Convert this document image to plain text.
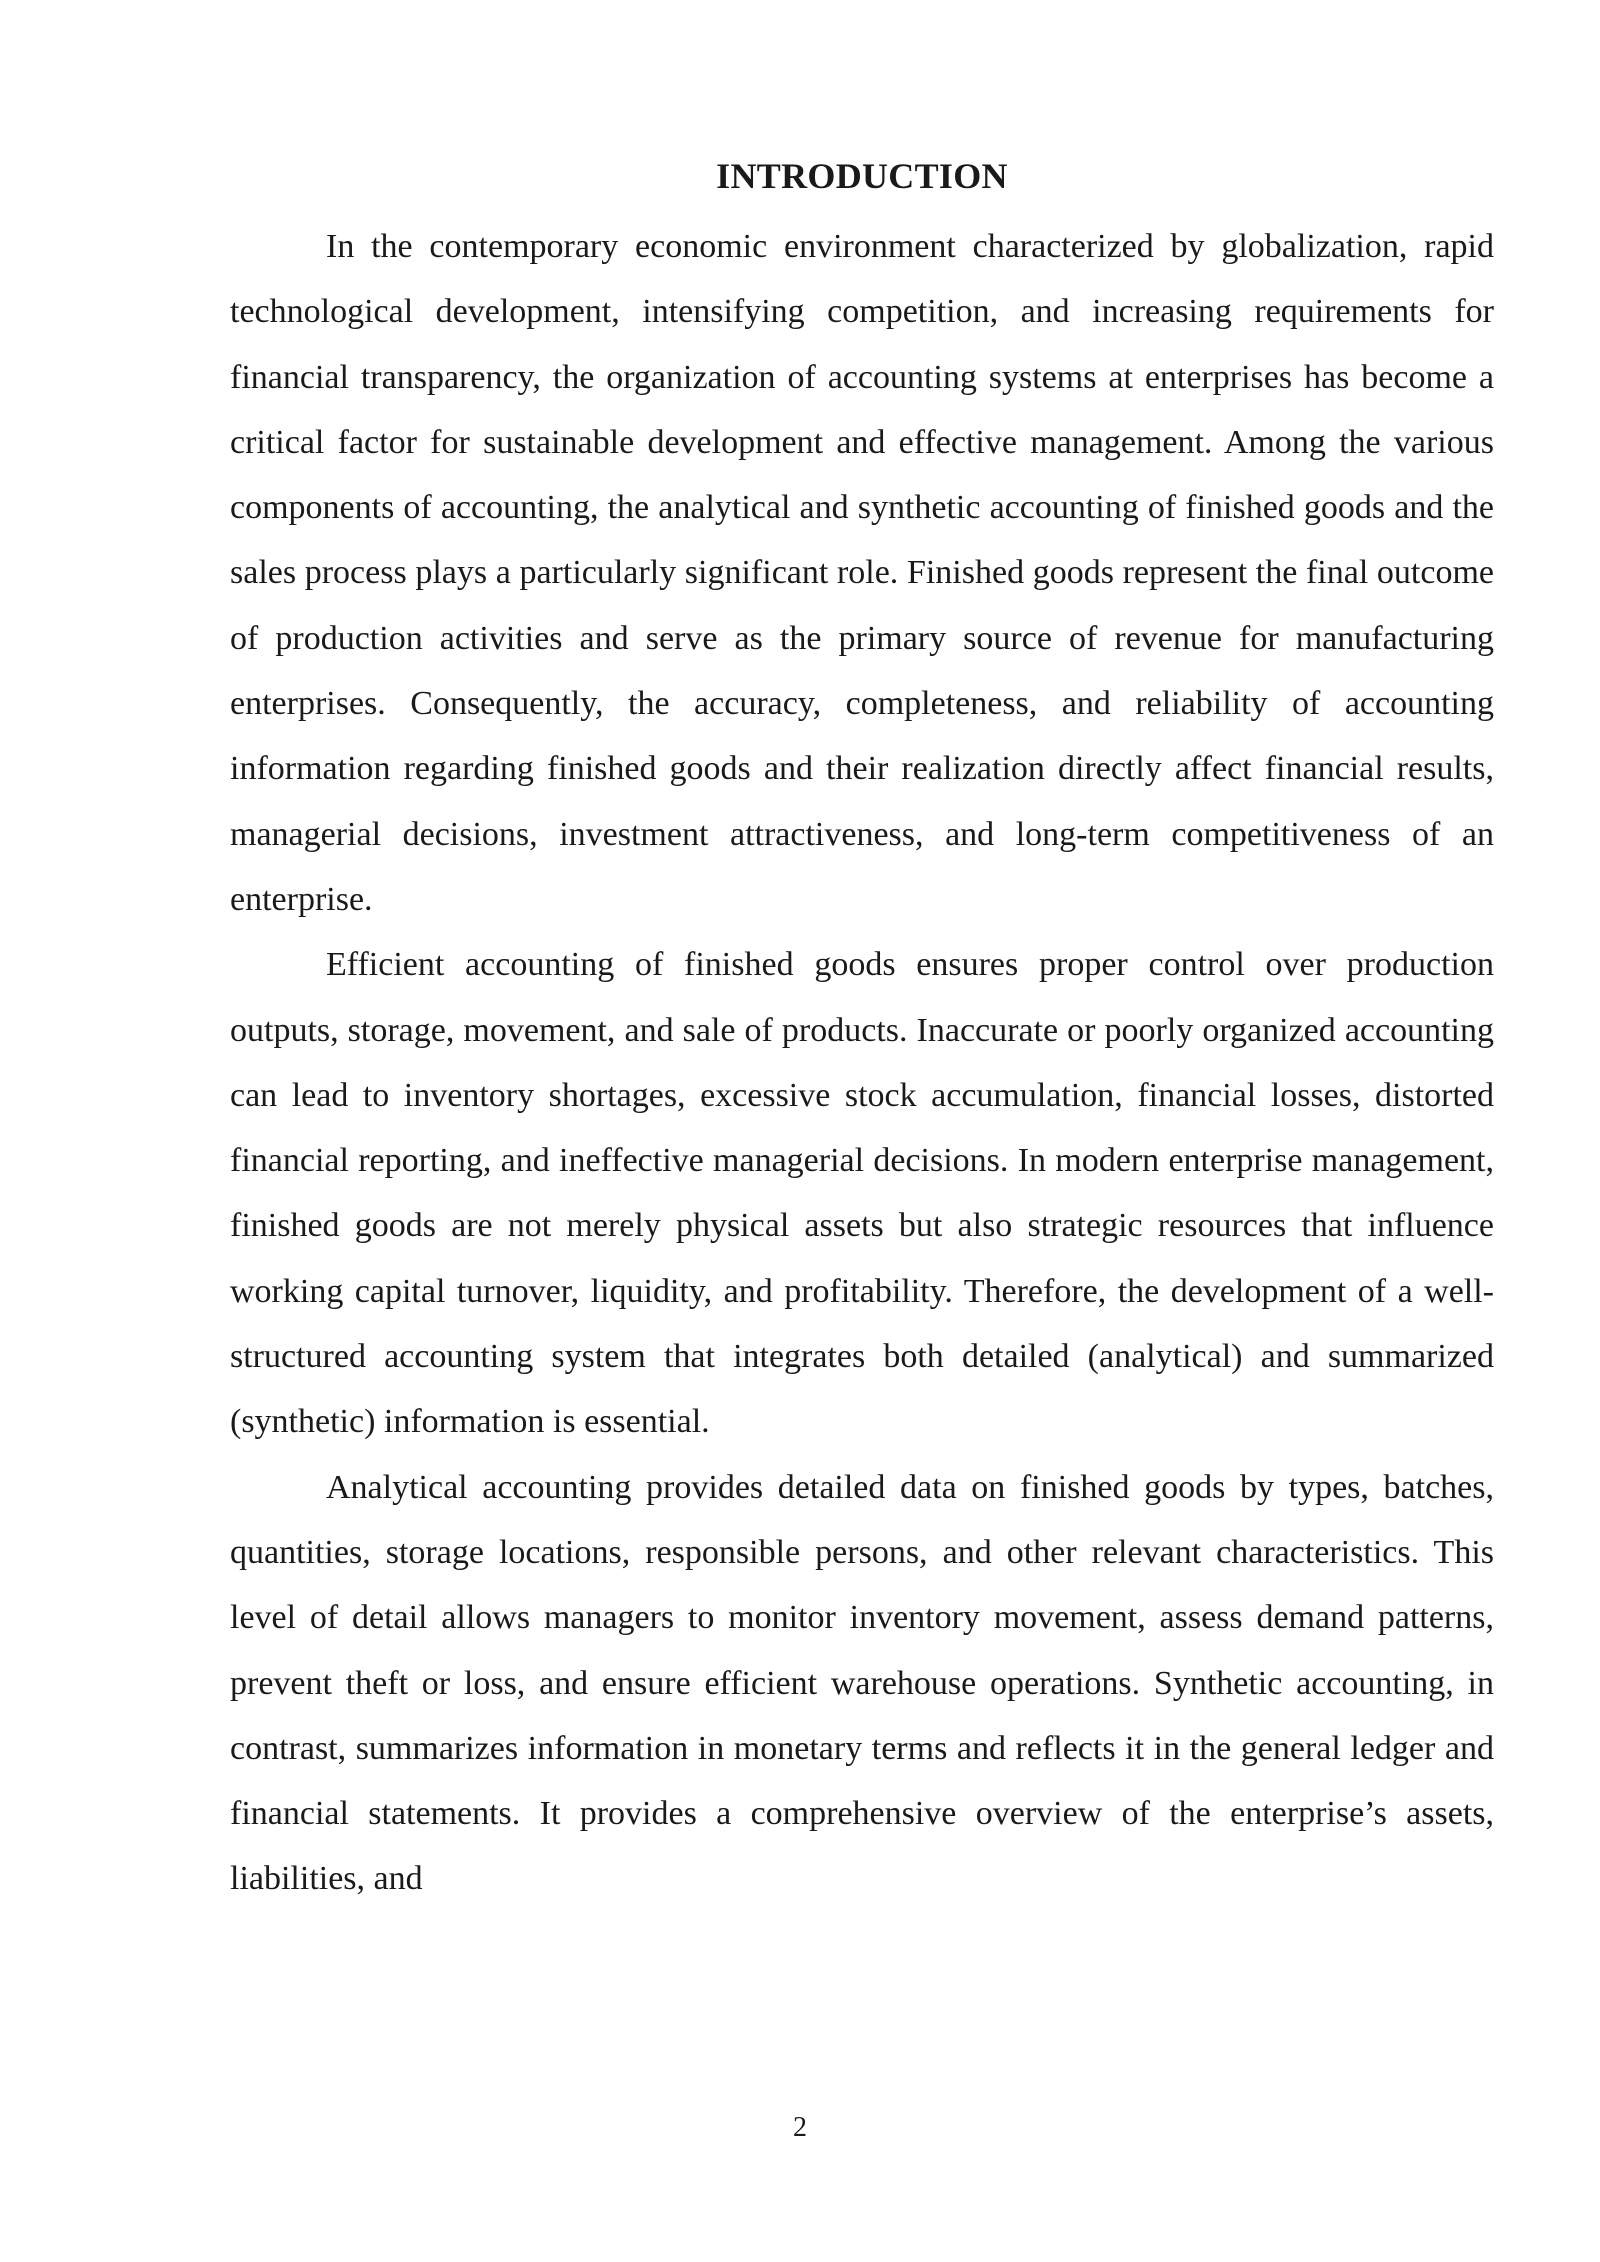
INTRODUCTION

In the contemporary economic environment characterized by globalization, rapid technological development, intensifying competition, and increasing requirements for financial transparency, the organization of accounting systems at enterprises has become a critical factor for sustainable development and effective management. Among the various components of accounting, the analytical and synthetic accounting of finished goods and the sales process plays a particularly significant role. Finished goods represent the final outcome of production activities and serve as the primary source of revenue for manufacturing enterprises. Consequently, the accuracy, completeness, and reliability of accounting information regarding finished goods and their realization directly affect financial results, managerial decisions, investment attractiveness, and long-term competitiveness of an enterprise.

Efficient accounting of finished goods ensures proper control over production outputs, storage, movement, and sale of products. Inaccurate or poorly organized accounting can lead to inventory shortages, excessive stock accumulation, financial losses, distorted financial reporting, and ineffective managerial decisions. In modern enterprise management, finished goods are not merely physical assets but also strategic resources that influence working capital turnover, liquidity, and profitability. Therefore, the development of a well-structured accounting system that integrates both detailed (analytical) and summarized (synthetic) information is essential.

Analytical accounting provides detailed data on finished goods by types, batches, quantities, storage locations, responsible persons, and other relevant characteristics. This level of detail allows managers to monitor inventory movement, assess demand patterns, prevent theft or loss, and ensure efficient warehouse operations. Synthetic accounting, in contrast, summarizes information in monetary terms and reflects it in the general ledger and financial statements. It provides a comprehensive overview of the enterprise’s assets, liabilities, and

2
